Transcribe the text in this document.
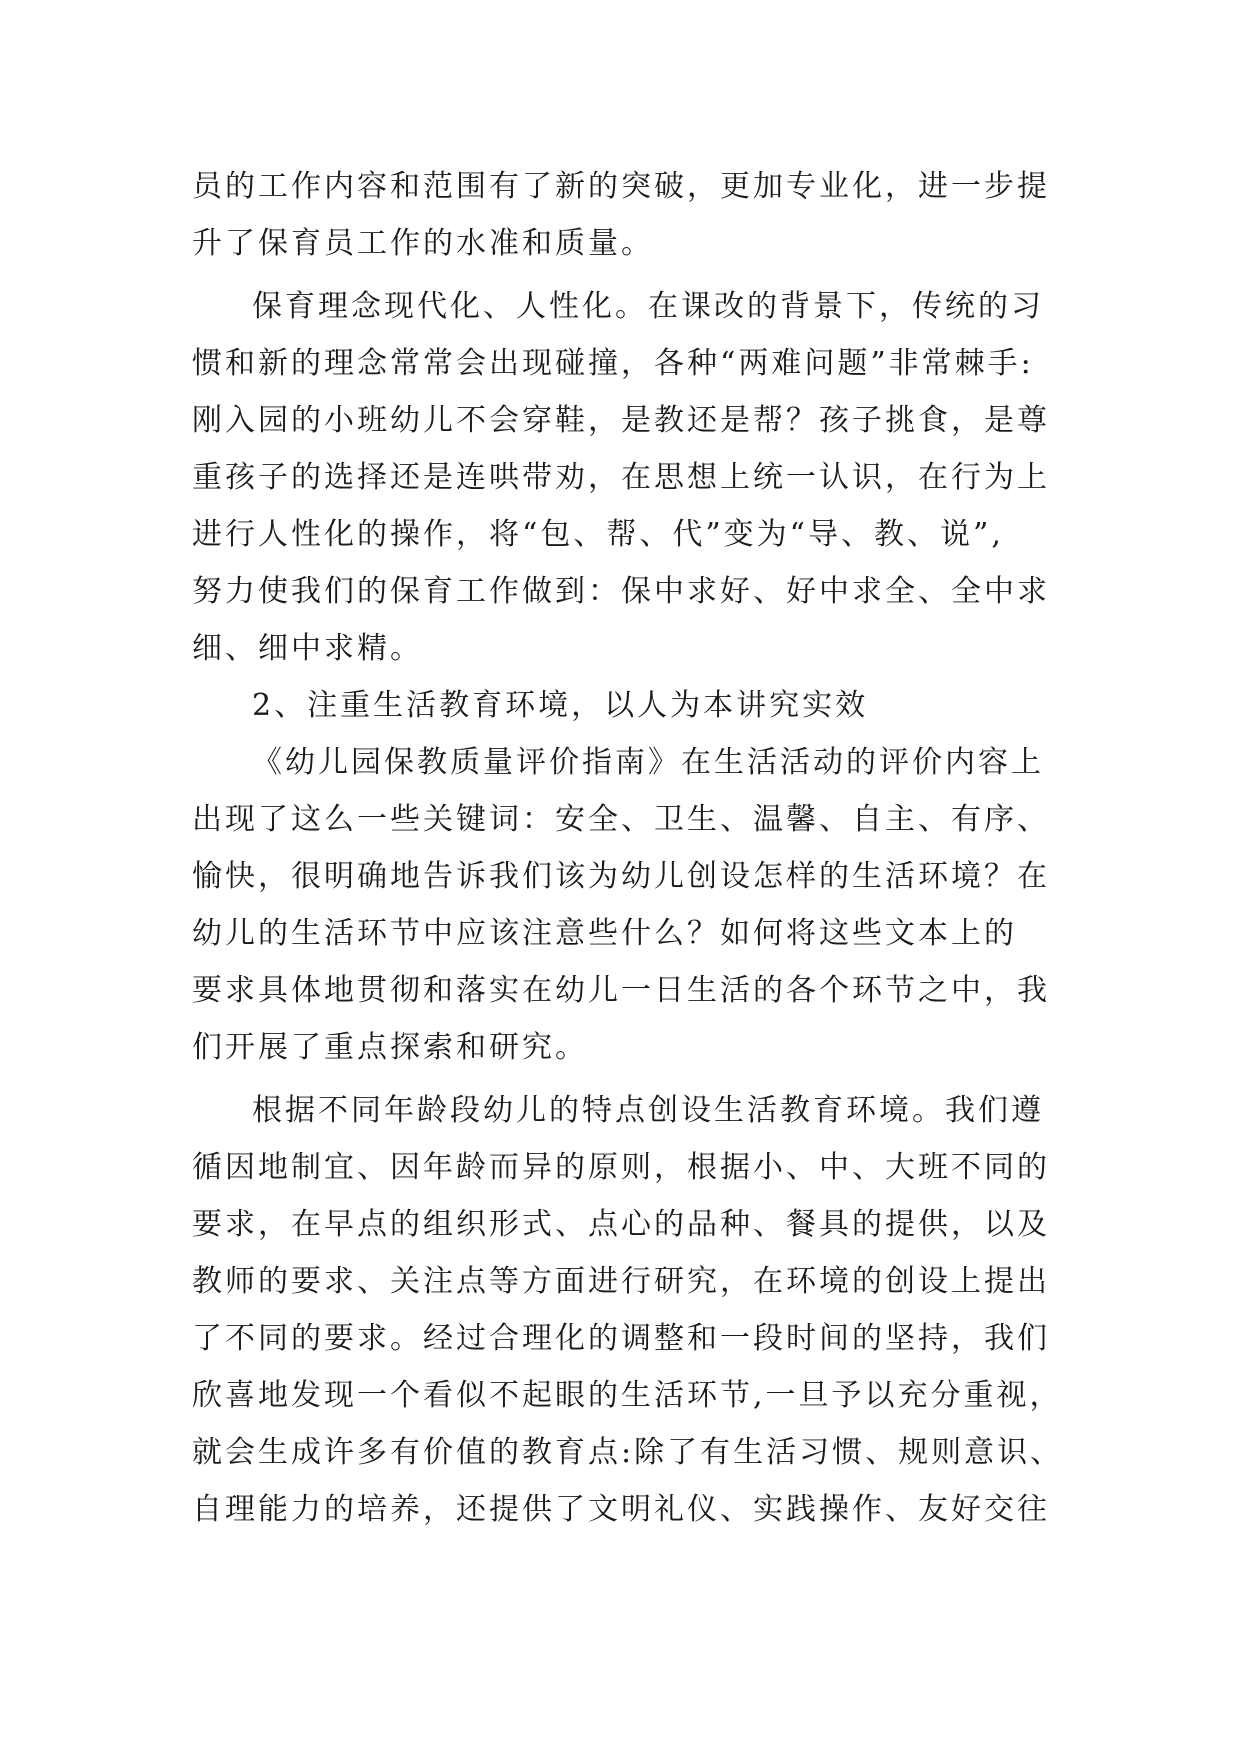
员的工作内容和范围有了新的突破，更加专业化，进一步提
升了保育员工作的水准和质量。
保育理念现代化、人性化。在课改的背景下，传统的习
惯和新的理念常常会出现碰撞，各种“两难问题”非常棘手:
刚入园的小班幼儿不会穿鞋，是教还是帮？孩子挑食，是尊
重孩子的选择还是连哄带劝，在思想上统一认识，在行为上
进行人性化的操作，将“包、帮、代”变为“导、教、说”,
努力使我们的保育工作做到：保中求好、好中求全、全中求
细、细中求精。
2、注重生活教育环境，以人为本讲究实效
《幼儿园保教质量评价指南》在生活活动的评价内容上
出现了这么一些关键词：安全、卫生、温馨、自主、有序、
愉快，很明确地告诉我们该为幼儿创设怎样的生活环境？在
幼儿的生活环节中应该注意些什么？如何将这些文本上的
要求具体地贯彻和落实在幼儿一日生活的各个环节之中，我
们开展了重点探索和研究。
根据不同年龄段幼儿的特点创设生活教育环境。我们遵
循因地制宜、因年龄而异的原则，根据小、中、大班不同的
要求，在早点的组织形式、点心的品种、餐具的提供，以及
教师的要求、关注点等方面进行研究，在环境的创设上提出
了不同的要求。经过合理化的调整和一段时间的坚持，我们
欣喜地发现一个看似不起眼的生活环节,一旦予以充分重视，
就会生成许多有价值的教育点:除了有生活习惯、规则意识、
自理能力的培养，还提供了文明礼仪、实践操作、友好交往
